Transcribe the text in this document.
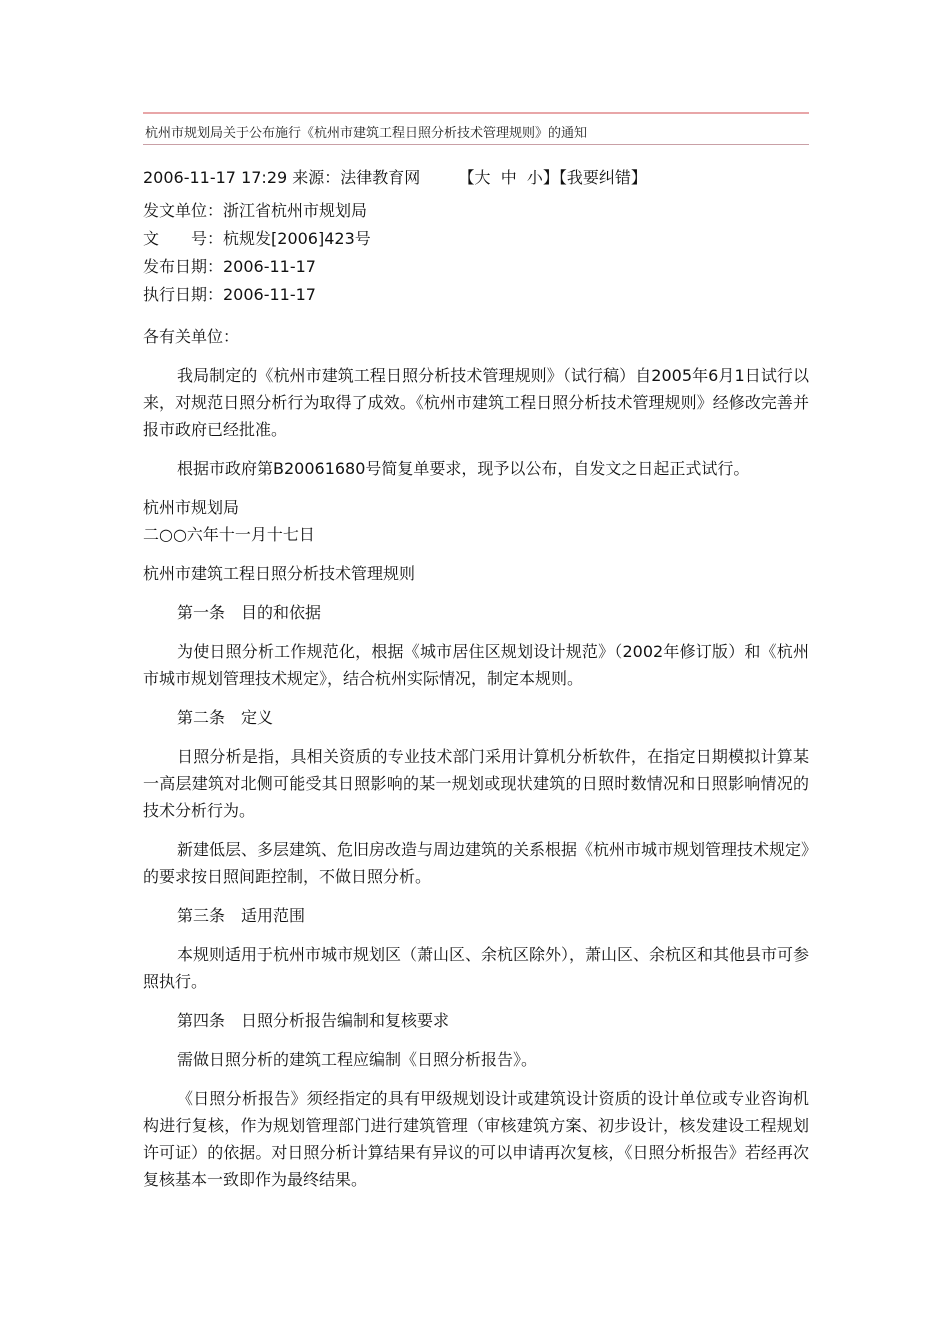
杭州市规划局关于公布施行《杭州市建筑工程日照分析技术管理规则》的通知
2006-11-17 17:29 来源：法律教育网 【大 中 小】【我要纠错】
发文单位：浙江省杭州市规划局
文　　号：杭规发[2006]423号
发布日期：2006-11-17
执行日期：2006-11-17

各有关单位：

我局制定的《杭州市建筑工程日照分析技术管理规则》（试行稿）自2005年6月1日试行以来，对规范日照分析行为取得了成效。《杭州市建筑工程日照分析技术管理规则》经修改完善并报市政府已经批准。

根据市政府第B20061680号简复单要求，现予以公布，自发文之日起正式试行。

杭州市规划局

二○○六年十一月十七日

杭州市建筑工程日照分析技术管理规则

第一条　目的和依据

为使日照分析工作规范化，根据《城市居住区规划设计规范》（2002年修订版）和《杭州市城市规划管理技术规定》，结合杭州实际情况，制定本规则。

第二条　定义

日照分析是指，具相关资质的专业技术部门采用计算机分析软件，在指定日期模拟计算某一高层建筑对北侧可能受其日照影响的某一规划或现状建筑的日照时数情况和日照影响情况的技术分析行为。

新建低层、多层建筑、危旧房改造与周边建筑的关系根据《杭州市城市规划管理技术规定》的要求按日照间距控制，不做日照分析。

第三条　适用范围

本规则适用于杭州市城市规划区（萧山区、余杭区除外），萧山区、余杭区和其他县市可参照执行。

第四条　日照分析报告编制和复核要求

需做日照分析的建筑工程应编制《日照分析报告》。

《日照分析报告》须经指定的具有甲级规划设计或建筑设计资质的设计单位或专业咨询机构进行复核，作为规划管理部门进行建筑管理（审核建筑方案、初步设计，核发建设工程规划许可证）的依据。对日照分析计算结果有异议的可以申请再次复核，《日照分析报告》若经再次复核基本一致即作为最终结果。
